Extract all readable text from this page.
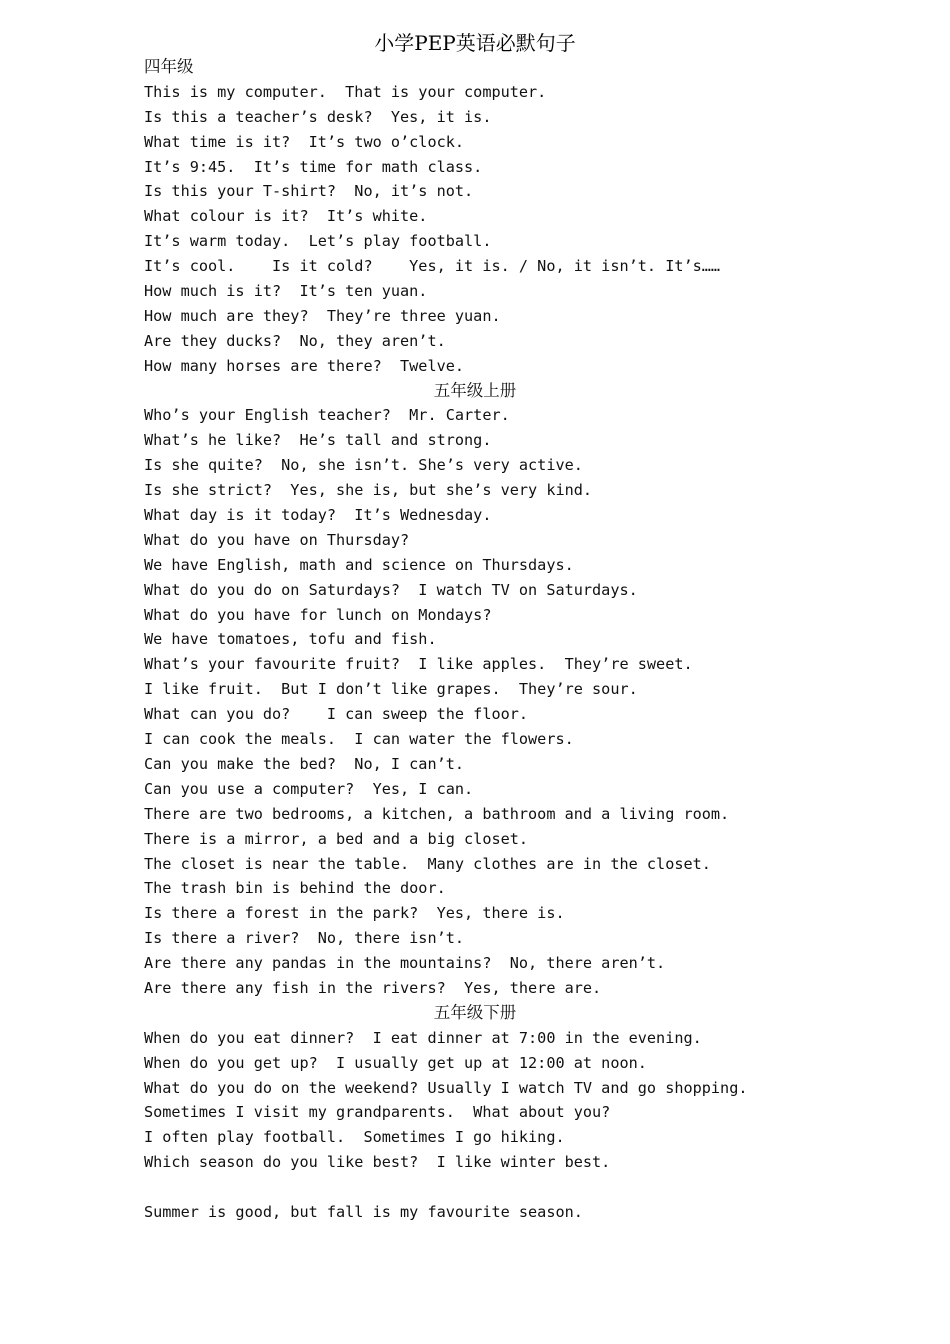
小学PEP英语必默句子
四年级
This is my computer.  That is your computer.
Is this a teacher’s desk?  Yes, it is.
What time is it?  It’s two o’clock.
It’s 9:45.  It’s time for math class.
Is this your T-shirt?  No, it’s not.
What colour is it?  It’s white.
It’s warm today.  Let’s play football.
It’s cool.    Is it cold?    Yes, it is. / No, it isn’t. It’s……
How much is it?  It’s ten yuan.
How much are they?  They’re three yuan.
Are they ducks?  No, they aren’t.
How many horses are there?  Twelve.
五年级上册
Who’s your English teacher?  Mr. Carter.
What’s he like?  He’s tall and strong.
Is she quite?  No, she isn’t. She’s very active.
Is she strict?  Yes, she is, but she’s very kind.
What day is it today?  It’s Wednesday.
What do you have on Thursday?
We have English, math and science on Thursdays.
What do you do on Saturdays?  I watch TV on Saturdays.
What do you have for lunch on Mondays?
We have tomatoes, tofu and fish.
What’s your favourite fruit?  I like apples.  They’re sweet.
I like fruit.  But I don’t like grapes.  They’re sour.
What can you do?    I can sweep the floor.
I can cook the meals.  I can water the flowers.
Can you make the bed?  No, I can’t.
Can you use a computer?  Yes, I can.
There are two bedrooms, a kitchen, a bathroom and a living room.
There is a mirror, a bed and a big closet.
The closet is near the table.  Many clothes are in the closet.
The trash bin is behind the door.
Is there a forest in the park?  Yes, there is.
Is there a river?  No, there isn’t.
Are there any pandas in the mountains?  No, there aren’t.
Are there any fish in the rivers?  Yes, there are.
五年级下册
When do you eat dinner?  I eat dinner at 7:00 in the evening.
When do you get up?  I usually get up at 12:00 at noon.
What do you do on the weekend? Usually I watch TV and go shopping.
Sometimes I visit my grandparents.  What about you?
I often play football.  Sometimes I go hiking.
Which season do you like best?  I like winter best.
Summer is good, but fall is my favourite season.
